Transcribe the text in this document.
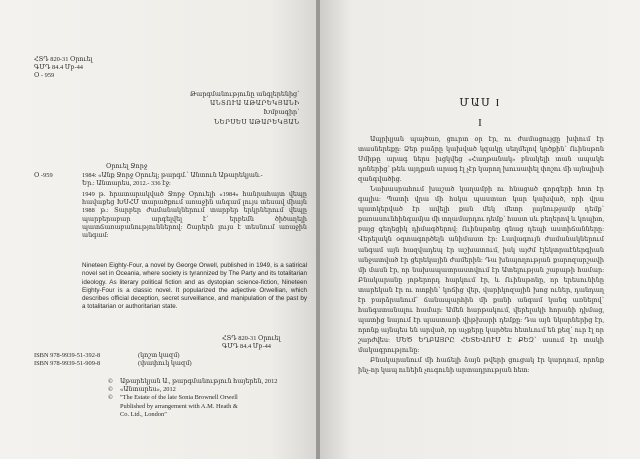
ՀՏԴ 820-31 Օրուել
ԳՄԴ 84.4 Մբ-44
Օ - 959
Թարգմանությունը անգլերենից՝
ԱՆՏՈՒԱ ԱԹԱՐԵԿՅԱՆԻ
Խմբագիր՝
ՆԵՐՍԵՍ ԱԹԱՐԵԿՅԱՆ
Օրուել Ջորջ
Օ -959	1984: «Անք Ջորջ Օրուել; թարգմ.՝ Անտուն Աթարեկյան.-
Եր.: Անտարես, 2012.- 336 էջ:
1949 թ. հրատարակված Ջորջ Օրուելի «1984» հանրահայտ վեպը հավաքեց ԽՍՀՄ տարածքում առաջին անգամ լույս տեսավ միայն 1988 թ.: Տարբեր ժամանակներում տարբեր երկրներում վեպը պարբերաբար արգելվել է՝ երբեմն ծիծաղելի պատճառաբանություններով: Շարերն լույս է տեսնում առաջին անգամ:
Nineteen Eighty-Four, a novel by George Orwell, published in 1949, is a satirical novel set in Oceania, where society is tyrannized by The Party and its totalitarian ideology. As literary political fiction and as dystopian science-fiction, Nineteen Eighty-Four is a classic novel. It popularized the adjective Orwellian, which describes official deception, secret surveillance, and manipulation of the past by a totalitarian or authoritarian state.
ՀՏԴ 820-31 Օրուել
ԳՄԴ 84.4 Մբ-44
ISBN 978-9939-51-392-8	(կոշտ կազմ)
ISBN 978-9939-51-909-8	(փափուկ կազմ)
©	Աթարեկյան Ա., թարգմանություն հայերեն, 2012
©	«Անտարես», 2012
©	"The Estate of the late Sonia Brownell Orwell
Published by arrangement with A.M. Heath &
Co. Ltd., London"
ՄԱՍ I
I

Ապրիլյան պայծառ, ցուրտ օր էր, ու ժամացույցը խփում էր տասներեքը: Ձեր բաձրը կախված կզակը սեղմելով կրծքին՝ Ուինսթոն Սմիթը արագ ներս խցկվեց «Հաղթանակ» բնակելի տան ապակե դռներից՝ թեև այդքան արագ էլ չէր կարող խուսափել փոշու մի այնպիսի զանգվածից.

Նախասրահում խաշած կաղամբի ու հնացած գորգերի հոտ էր գալիս: Պատի վրա մի հսկա պաստառ կար կախված, որի վրա պատկերված էր ավելի քան մեկ մետր լայնությամբ դեմք՝ քառասունհինգամյա մի տղամարդու դեմք՝ հաստ սև բեղերով և կոպիտ, բայց գեղեցիկ դիմագծերով: Ուինսթոնը գնաց դեպի աստիճանները: Վերելակն օգտագործելն անիմաստ էր: Լավագույն ժամանակներում անգամ այն հազվադեպ էր աշխատում, իսկ այժմ էլեկտրաէներգիան անջատված էր ցերեկային ժամերին: Դա խնայողության քարոզարշավի մի մասն էր, որ նախապատրաստվում էր Ատելության շաբաթի համար: Բնակարանը յոթերորդ հարկում էր, և Ուինսթոնը, որ երեսունինը տարեկան էր ու ոտքին՝ կոճից վեր, վարիկոզային խոց ուներ, դանդաղ էր բարձրանում՝ ճանապարհին մի քանի անգամ կանգ առնելով՝ հանգստանալու համար: Ամեն հարթակում, վերելակի հորանի դիմաց, պատից նայում էր պաստառի վիթխարի դեմքը: Դա այն նկարներից էր, որոնք այնպես են արված, որ աչքերը կարծես հետևում են քեզ՝ ուր էլ որ շարժվես: ՄԵԾ ԵՂԲԱՅՐԸ ՀԵՏԵՎՈՒՄ Է ՔԵԶ՝ ասում էր տակի մակագրությունը:

Բնակարանում մի հաճելի ձայն թվերի ցուցակ էր կարդում, որոնք ինչ-որ կապ ունեին չուգունի արտադրության հետ:
